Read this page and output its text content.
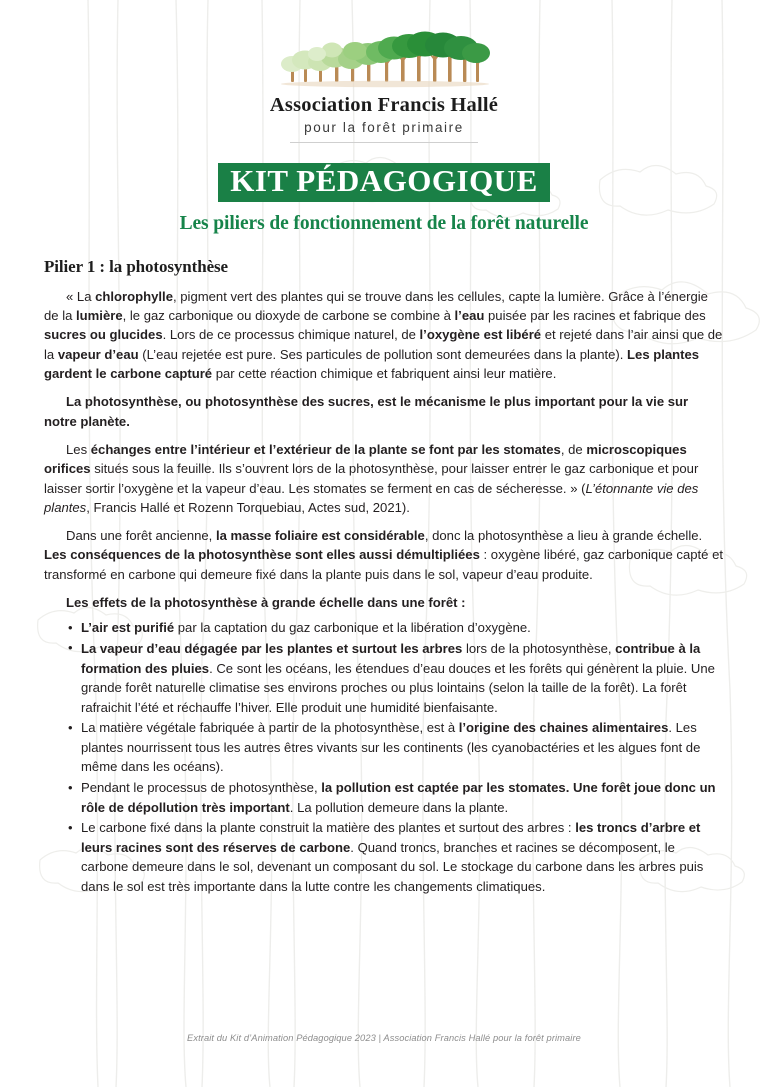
Association Francis Hallé
pour la forêt primaire
KIT PÉDAGOGIQUE
Les piliers de fonctionnement de la forêt naturelle
Pilier 1 : la photosynthèse

« La chlorophylle, pigment vert des plantes qui se trouve dans les cellules, capte la lumière. Grâce à l’énergie de la lumière, le gaz carbonique ou dioxyde de carbone se combine à l’eau puisée par les racines et fabrique des sucres ou glucides. Lors de ce processus chimique naturel, de l’oxygène est libéré et rejeté dans l’air ainsi que de la vapeur d’eau (L’eau rejetée est pure. Ses particules de pollution sont demeurées dans la plante). Les plantes gardent le carbone capturé par cette réaction chimique et fabriquent ainsi leur matière.

La photosynthèse, ou photosynthèse des sucres, est le mécanisme le plus important pour la vie sur notre planète.

Les échanges entre l’intérieur et l’extérieur de la plante se font par les stomates, de microscopiques orifices situés sous la feuille. Ils s’ouvrent lors de la photosynthèse, pour laisser entrer le gaz carbonique et pour laisser sortir l’oxygène et la vapeur d’eau. Les stomates se ferment en cas de sécheresse. » (L’étonnante vie des plantes, Francis Hallé et Rozenn Torquebiau, Actes sud, 2021).

Dans une forêt ancienne, la masse foliaire est considérable, donc la photosynthèse a lieu à grande échelle. Les conséquences de la photosynthèse sont elles aussi démultipliées : oxygène libéré, gaz carbonique capté et transformé en carbone qui demeure fixé dans la plante puis dans le sol, vapeur d’eau produite.

Les effets de la photosynthèse à grande échelle dans une forêt :
• L’air est purifié par la captation du gaz carbonique et la libération d’oxygène.
• La vapeur d’eau dégagée par les plantes et surtout les arbres lors de la photosynthèse, contribue à la formation des pluies. Ce sont les océans, les étendues d’eau douces et les forêts qui génèrent la pluie. Une grande forêt naturelle climatise ses environs proches ou plus lointains (selon la taille de la forêt). La forêt rafraichit l’été et réchauffe l’hiver. Elle produit une humidité bienfaisante.
• La matière végétale fabriquée à partir de la photosynthèse, est à l’origine des chaines alimentaires. Les plantes nourrissent tous les autres êtres vivants sur les continents (les cyanobactéries et les algues font de même dans les océans).
• Pendant le processus de photosynthèse, la pollution est captée par les stomates. Une forêt joue donc un rôle de dépollution très important. La pollution demeure dans la plante.
• Le carbone fixé dans la plante construit la matière des plantes et surtout des arbres : les troncs d’arbre et leurs racines sont des réserves de carbone. Quand troncs, branches et racines se décomposent, le carbone demeure dans le sol, devenant un composant du sol. Le stockage du carbone dans les arbres puis dans le sol est très importante dans la lutte contre les changements climatiques.
Extrait du Kit d’Animation Pédagogique 2023 | Association Francis Hallé pour la forêt primaire
